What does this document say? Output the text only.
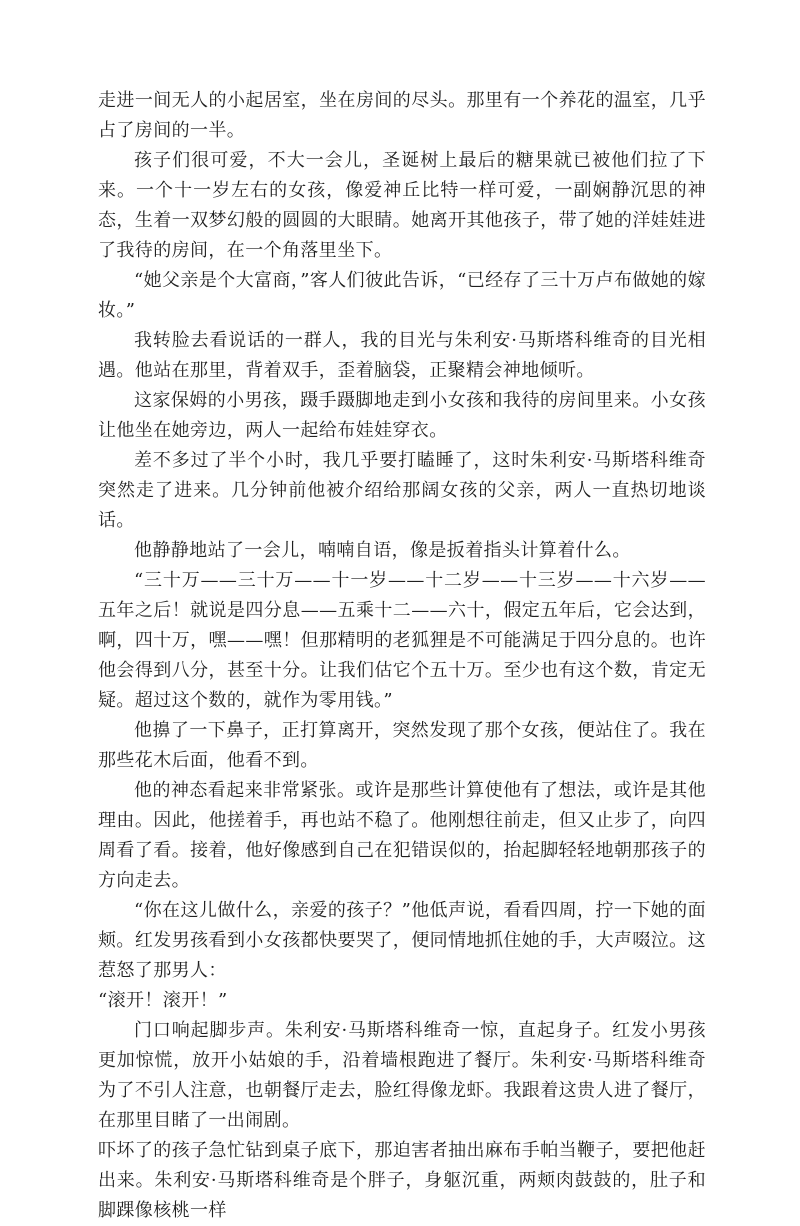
走进一间无人的小起居室，坐在房间的尽头。那里有一个养花的温室，几乎占了房间的一半。

孩子们很可爱，不大一会儿，圣诞树上最后的糖果就已被他们拉了下来。一个十一岁左右的女孩，像爱神丘比特一样可爱，一副娴静沉思的神态，生着一双梦幻般的圆圆的大眼睛。她离开其他孩子，带了她的洋娃娃进了我待的房间，在一个角落里坐下。

“她父亲是个大富商，”客人们彼此告诉，“已经存了三十万卢布做她的嫁妆。”

我转脸去看说话的一群人，我的目光与朱利安·马斯塔科维奇的目光相遇。他站在那里，背着双手，歪着脑袋，正聚精会神地倾听。

这家保姆的小男孩，蹑手蹑脚地走到小女孩和我待的房间里来。小女孩让他坐在她旁边，两人一起给布娃娃穿衣。

差不多过了半个小时，我几乎要打瞌睡了，这时朱利安·马斯塔科维奇突然走了进来。几分钟前他被介绍给那阔女孩的父亲，两人一直热切地谈话。

他静静地站了一会儿，喃喃自语，像是扳着指头计算着什么。

“三十万——三十万——十一岁——十二岁——十三岁——十六岁——五年之后！就说是四分息——五乘十二——六十，假定五年后，它会达到，啊，四十万，嘿——嘿！但那精明的老狐狸是不可能满足于四分息的。也许他会得到八分，甚至十分。让我们估它个五十万。至少也有这个数，肯定无疑。超过这个数的，就作为零用钱。”

他擤了一下鼻子，正打算离开，突然发现了那个女孩，便站住了。我在那些花木后面，他看不到。

他的神态看起来非常紧张。或许是那些计算使他有了想法，或许是其他理由。因此，他搓着手，再也站不稳了。他刚想往前走，但又止步了，向四周看了看。接着，他好像感到自己在犯错误似的，抬起脚轻轻地朝那孩子的方向走去。

“你在这儿做什么，亲爱的孩子？”他低声说，看看四周，拧一下她的面颊。红发男孩看到小女孩都快要哭了，便同情地抓住她的手，大声啜泣。这惹怒了那男人：

“滚开！滚开！”

门口响起脚步声。朱利安·马斯塔科维奇一惊，直起身子。红发小男孩更加惊慌，放开小姑娘的手，沿着墙根跑进了餐厅。朱利安·马斯塔科维奇为了不引人注意，也朝餐厅走去，脸红得像龙虾。我跟着这贵人进了餐厅，在那里目睹了一出闹剧。

吓坏了的孩子急忙钻到桌子底下，那迫害者抽出麻布手帕当鞭子，要把他赶出来。朱利安·马斯塔科维奇是个胖子，身躯沉重，两颊肉鼓鼓的，肚子和脚踝像核桃一样
